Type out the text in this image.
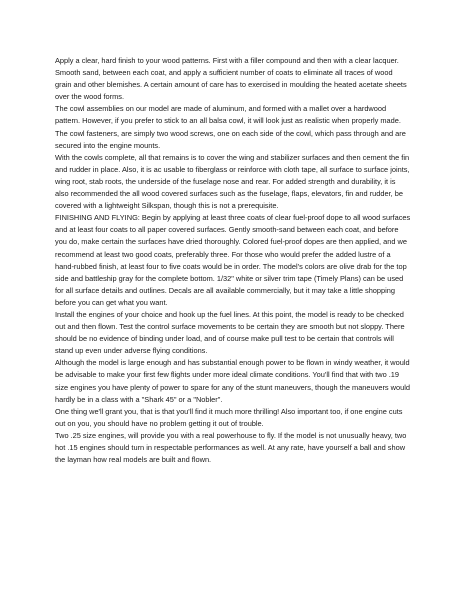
Apply a clear, hard finish to your wood patterns. First with a filler compound and then with a clear lacquer. Smooth sand, between each coat, and apply a sufficient number of coats to eliminate all traces of wood grain and other blemishes. A certain amount of care has to exercised in moulding the heated acetate sheets over the wood forms.

The cowl assemblies on our model are made of aluminum, and formed with a mallet over a hardwood pattern. However, if you prefer to stick to an all balsa cowl, it will look just as realistic when properly made. The cowl fasteners, are simply two wood screws, one on each side of the cowl, which pass through and are secured into the engine mounts.

With the cowls complete, all that remains is to cover the wing and stabilizer surfaces and then cement the fin and rudder in place. Also, it is ac usable to fiberglass or reinforce with cloth tape, all surface to surface joints, wing root, stab roots, the underside of the fuselage nose and rear. For added strength and durability, it is also recommended the all wood covered surfaces such as the fuselage, flaps, elevators, fin and rudder, be covered with a lightweight Silkspan, though this is not a prerequisite.

FINISHING AND FLYING: Begin by applying at least three coats of clear fuel-proof dope to all wood surfaces and at least four coats to all paper covered surfaces. Gently smooth-sand between each coat, and before you do, make certain the surfaces have dried thoroughly. Colored fuel-proof dopes are then applied, and we recommend at least two good coats, preferably three. For those who would prefer the added lustre of a hand-rubbed finish, at least four to five coats would be in order. The model's colors are olive drab for the top side and battleship gray for the complete bottom. 1/32" white or silver trim tape (Timely Plans) can be used for all surface details and outlines. Decals are all available commercially, but it may take a little shopping before you can get what you want.

Install the engines of your choice and hook up the fuel lines. At this point, the model is ready to be checked out and then flown. Test the control surface movements to be certain they are smooth but not sloppy. There should be no evidence of binding under load, and of course make pull test to be certain that controls will stand up even under adverse flying conditions.

Although the model is large enough and has substantial enough power to be flown in windy weather, it would be advisable to make your first few flights under more ideal climate conditions. You'll find that with two .19 size engines you have plenty of power to spare for any of the stunt maneuvers, though the maneuvers would hardly be in a class with a "Shark 45" or a "Nobler".

One thing we'll grant you, that is that you'll find it much more thrilling! Also important too, if one engine cuts out on you, you should have no problem getting it out of trouble.

Two .25 size engines, will provide you with a real powerhouse to fly. If the model is not unusually heavy, two hot .15 engines should turn in respectable performances as well. At any rate, have yourself a ball and show the layman how real models are built and flown.
